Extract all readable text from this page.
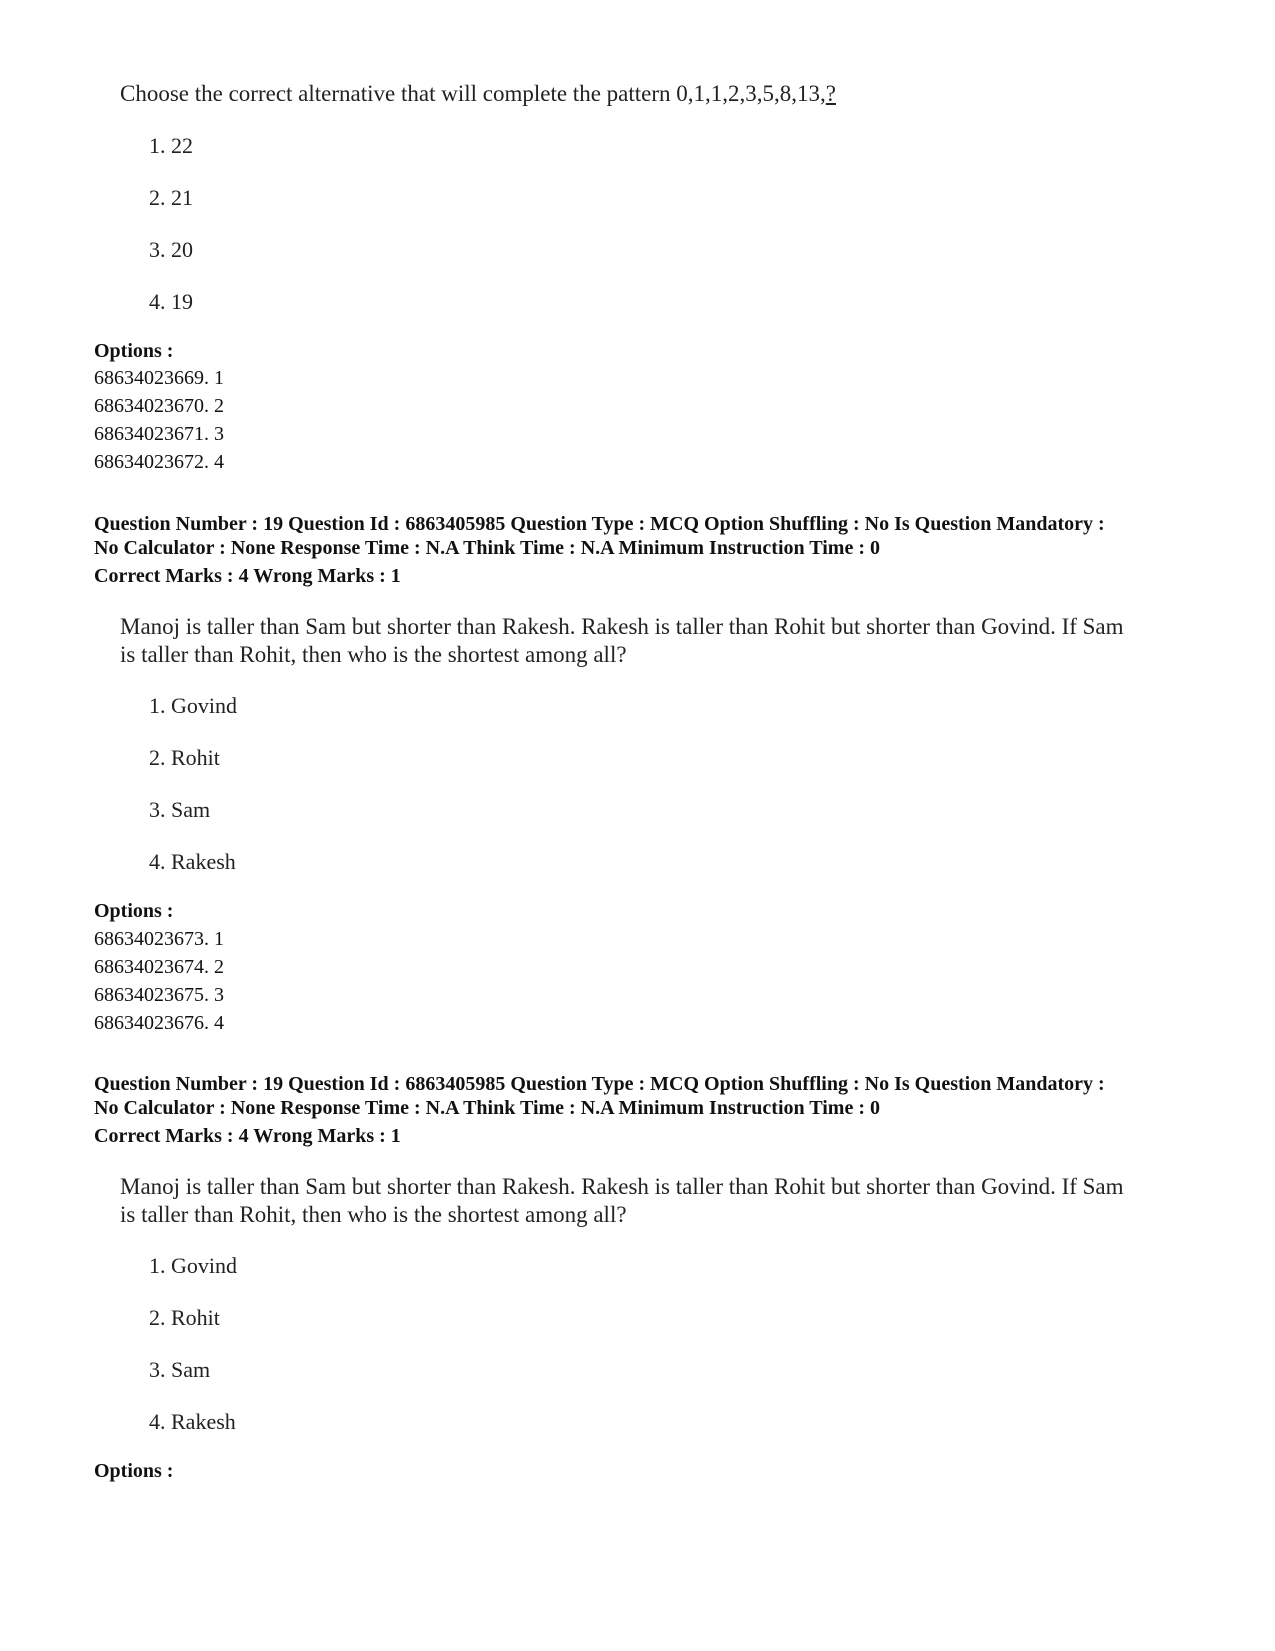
Choose the correct alternative that will complete the pattern 0,1,1,2,3,5,8,13,?
1. 22
2. 21
3. 20
4. 19
Options :
68634023669. 1
68634023670. 2
68634023671. 3
68634023672. 4
Question Number : 19 Question Id : 6863405985 Question Type : MCQ Option Shuffling : No Is Question Mandatory :
No Calculator : None Response Time : N.A Think Time : N.A Minimum Instruction Time : 0
Correct Marks : 4 Wrong Marks : 1
Manoj is taller than Sam but shorter than Rakesh. Rakesh is taller than Rohit but shorter than Govind. If Sam
is taller than Rohit, then who is the shortest among all?
1. Govind
2. Rohit
3. Sam
4. Rakesh
Options :
68634023673. 1
68634023674. 2
68634023675. 3
68634023676. 4
Question Number : 19 Question Id : 6863405985 Question Type : MCQ Option Shuffling : No Is Question Mandatory :
No Calculator : None Response Time : N.A Think Time : N.A Minimum Instruction Time : 0
Correct Marks : 4 Wrong Marks : 1
Manoj is taller than Sam but shorter than Rakesh. Rakesh is taller than Rohit but shorter than Govind. If Sam
is taller than Rohit, then who is the shortest among all?
1. Govind
2. Rohit
3. Sam
4. Rakesh
Options :
